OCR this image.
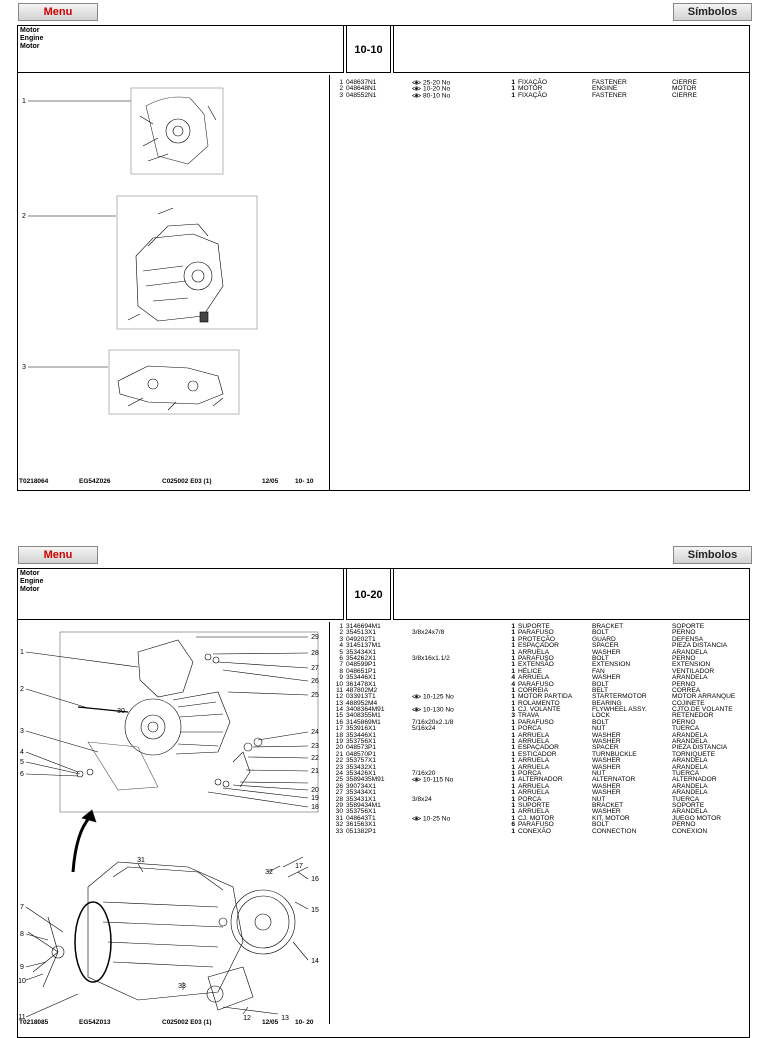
Menu	Símbolos
Motor
Engine
Motor	10-10
1
2
3
1 048637N1	25-20 No	1 FIXAÇÃO	FASTENER	CIERRE
2 048648N1	10-20 No	1 MOTOR	ENGINE	MOTOR
3 048552N1	80-10 No	1 FIXAÇÃO	FASTENER	CIERRE
T0218064	EG54Z026	C025002 E03 (1)	12/05	10- 10
Menu	Símbolos
Motor
Engine
Motor	10-20
1
2
3
4
5
6
7
8
9
10
11	12	13
14
15
16
17
18
19
20
21
22
23
24
25
26
27
28
29
30
31
32
33
1 3146694M1	1 SUPORTE	BRACKET	SOPORTE
2 354513X1	3/8x24x7/8	1 PARAFUSO	BOLT	PERNO
3 049202T1	1 PROTEÇÃO	GUARD	DEFENSA
4 3145137M1	1 ESPAÇADOR	SPACER	PIEZA DISTANCIA
5 353434X1	1 ARRUELA	WASHER	ARANDELA
6 354262X1	3/8x16x1.1/2	1 PARAFUSO	BOLT	PERNO
7 048599P1	1 EXTENSÃO	EXTENSION	EXTENSION
8 048651P1	1 HÉLICE	FAN	VENTILADOR
9 353446X1	4 ARRUELA	WASHER	ARANDELA
10 361478X1	4 PARAFUSO	BOLT	PERNO
11 487802M2	1 CORREIA	BELT	CORREA
12 033913T1	10-125 No	1 MOTOR PARTIDA	STARTERMOTOR	MOTOR ARRANQUE
13 488952M4	1 ROLAMENTO	BEARING	COJINETE
14 3408364M91	10-130 No	1 CJ. VOLANTE	FLYWHEEL ASSY.	CJTO.DE VOLANTE
15 3408355M1	3 TRAVA	LOCK	RETENEDOR
16 3145869M1	7/16x20x2.1/8	1 PARAFUSO	BOLT	PERNO
17 353916X1	5/16x24	1 PORCA	NUT	TUERCA
18 353446X1	1 ARRUELA	WASHER	ARANDELA
19 353756X1	1 ARRUELA	WASHER	ARANDELA
20 048573P1	1 ESPAÇADOR	SPACER	PIEZA DISTANCIA
21 048570P1	1 ESTICADOR	TURNBUCKLE	TORNIQUETE
22 353757X1	1 ARRUELA	WASHER	ARANDELA
23 353432X1	1 ARRUELA	WASHER	ARANDELA
24 353426X1	7/16x20	1 PORCA	NUT	TUERCA
25 3589435M91	10-115 No	1 ALTERNADOR	ALTERNATOR	ALTERNADOR
26 390734X1	1 ARRUELA	WASHER	ARANDELA
27 353434X1	1 ARRUELA	WASHER	ARANDELA
28 353431X1	3/8x24	1 PORCA	NUT	TUERCA
29 3589434M1	1 SUPORTE	BRACKET	SOPORTE
30 353756X1	1 ARRUELA	WASHER	ARANDELA
31 048643T1	10-25 No	1 CJ. MOTOR	KIT, MOTOR	JUEGO MOTOR
32 361563X1	6 PARAFUSO	BOLT	PERNO
33 051382P1	1 CONEXÃO	CONNECTION	CONEXION
T0218085	EG54Z013	C025002 E03 (1)	12/05	10- 20
